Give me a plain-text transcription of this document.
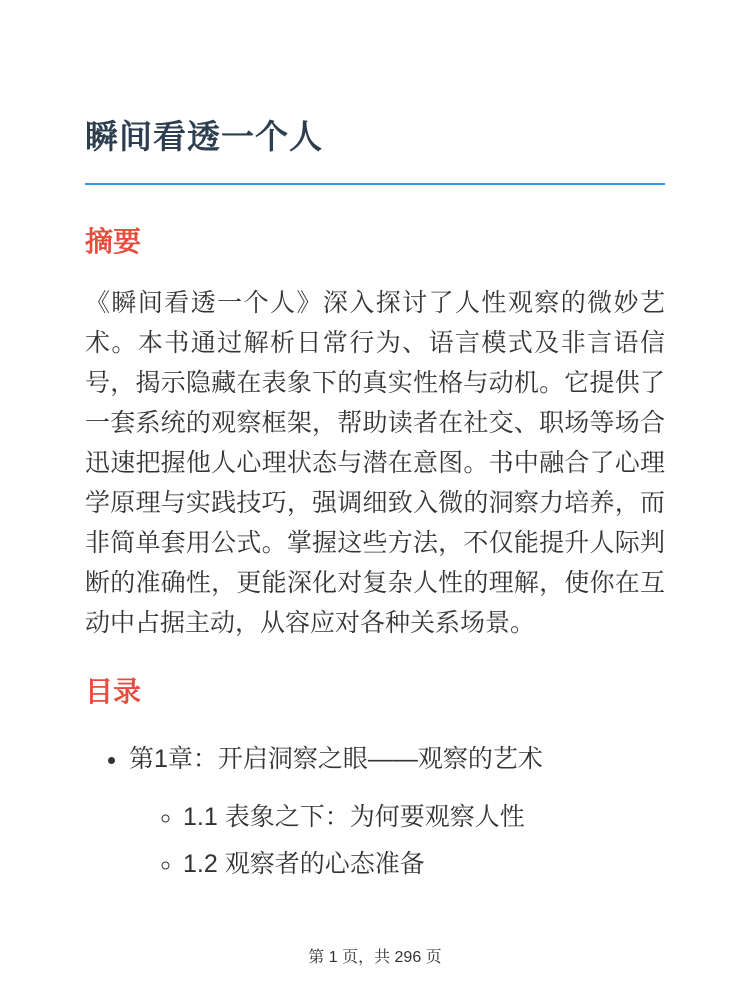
瞬间看透一个人
摘要

《瞬间看透一个人》深入探讨了人性观察的微妙艺术。本书通过解析日常行为、语言模式及非言语信号，揭示隐藏在表象下的真实性格与动机。它提供了一套系统的观察框架，帮助读者在社交、职场等场合迅速把握他人心理状态与潜在意图。书中融合了心理学原理与实践技巧，强调细致入微的洞察力培养，而非简单套用公式。掌握这些方法，不仅能提升人际判断的准确性，更能深化对复杂人性的理解，使你在互动中占据主动，从容应对各种关系场景。

目录
• 第1章：开启洞察之眼——观察的艺术
◦ 1.1 表象之下：为何要观察人性
◦ 1.2 观察者的心态准备
第 1 页，共 296 页
